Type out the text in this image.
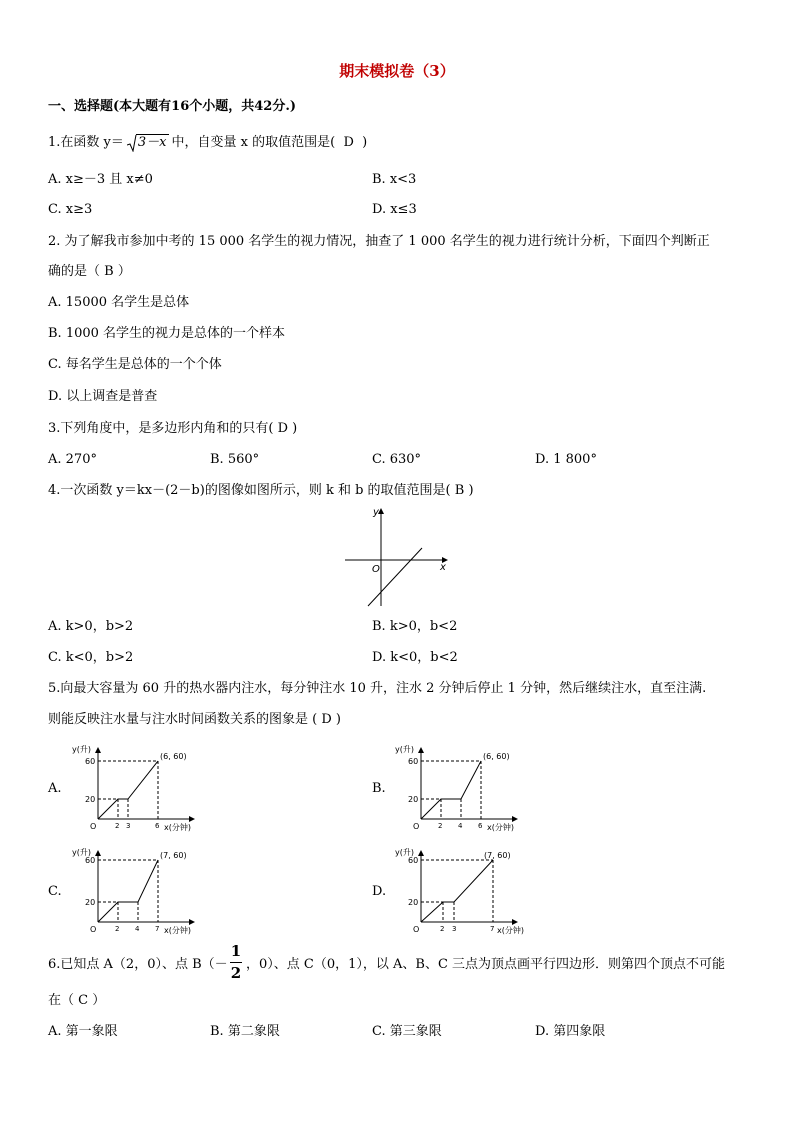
期末模拟卷（3）
一、选择题(本大题有16个小题，共42分.)
1.在函数 y＝ 3－x 中，自变量 x 的取值范围是( D )
A. x≥－3 且 x≠0	B. x<3
C. x≥3	D. x≤3
2. 为了解我市参加中考的 15 000 名学生的视力情况，抽查了 1 000 名学生的视力进行统计分析，下面四个判断正
确的是（ B ）
A. 15000 名学生是总体
B. 1000 名学生的视力是总体的一个样本
C. 每名学生是总体的一个个体
D. 以上调查是普查
3.下列角度中，是多边形内角和的只有( D )
A. 270°	B. 560°	C. 630°	D. 1 800°
4.一次函数 y＝kx－(2－b)的图像如图所示，则 k 和 b 的取值范围是( B )
x
y
O
A. k>0，b>2	B. k>0，b<2
C. k<0，b>2	D. k<0，b<2
5.向最大容量为 60 升的热水器内注水，每分钟注水 10 升，注水 2 分钟后停止 1 分钟，然后继续注水，直至注满.
则能反映注水量与注水时间函数关系的图象是 ( D )
A.	B.
C.	D.
y(升)
(6, 60)
60
20
O	2 3	6 x(分钟)
y(升)
(6, 60)
60
20
O	2 4 6 x(分钟)
y(升)	(7, 60)
60
20
O	2 4 7 x(分钟)
y(升)	(7, 60)
60
20
O	2 3	7 x(分钟)
6.已知点 A（2，0）、点 B（－
1
2 ，0）、点 C（0，1），以 A、B、C 三点为顶点画平行四边形．则第四个顶点不可能
在（ C ）
A. 第一象限	B. 第二象限	C. 第三象限	D. 第四象限
